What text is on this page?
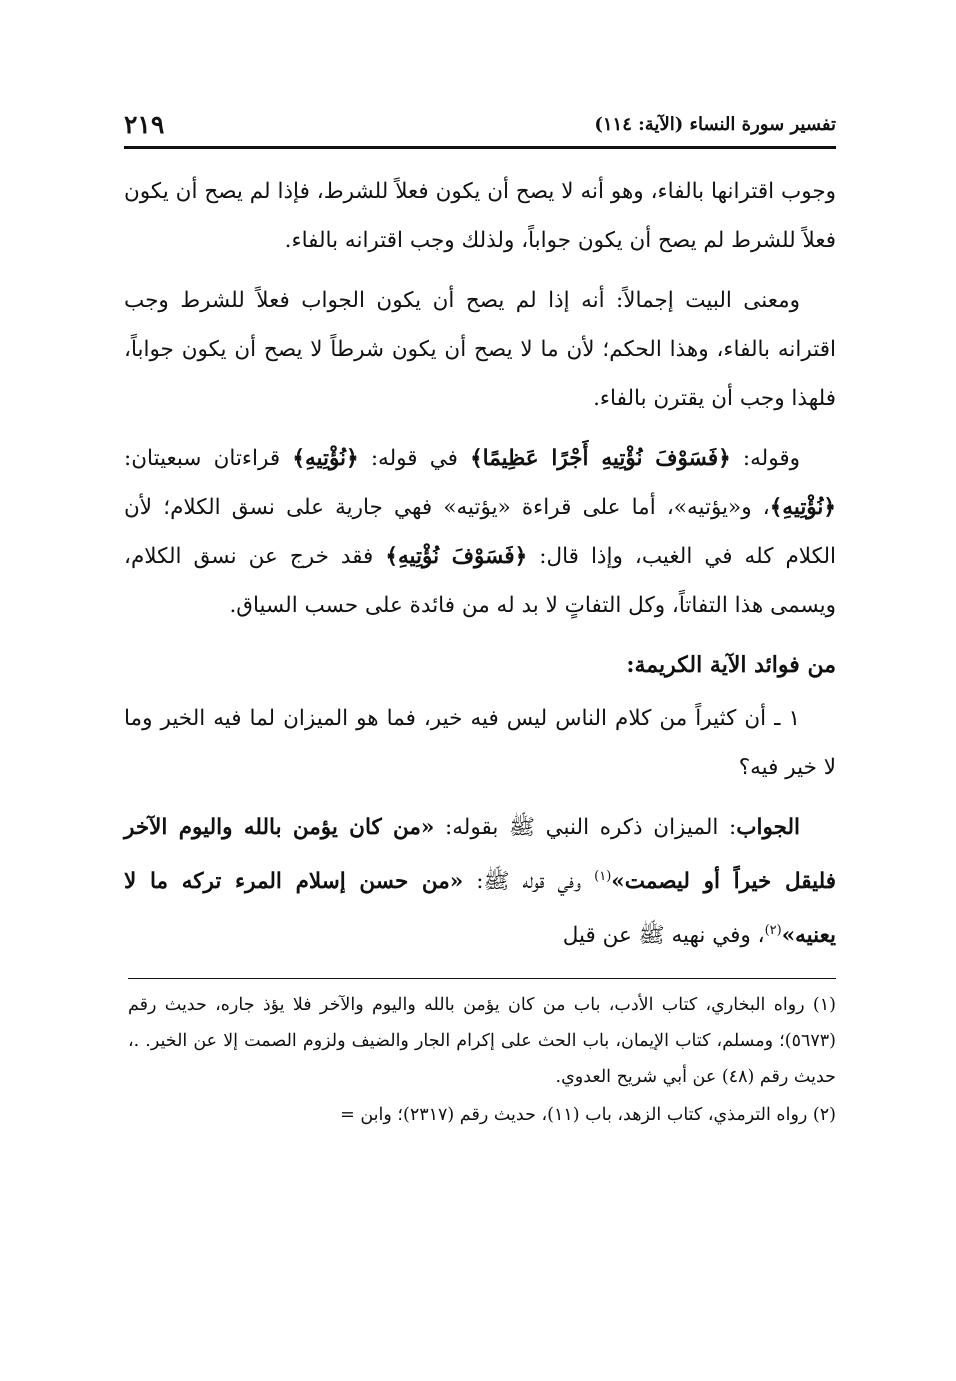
٢١٩	تفسير سورة النساء (الآية: ١١٤)

وجوب اقترانها بالفاء، وهو أنه لا يصح أن يكون فعلاً للشرط، فإذا لم يصح أن يكون فعلاً للشرط لم يصح أن يكون جواباً، ولذلك وجب اقترانه بالفاء.

ومعنى البيت إجمالاً: أنه إذا لم يصح أن يكون الجواب فعلاً للشرط وجب اقترانه بالفاء، وهذا الحكم؛ لأن ما لا يصح أن يكون شرطاً لا يصح أن يكون جواباً، فلهذا وجب أن يقترن بالفاء.

وقوله: ﴿فَسَوْفَ نُؤْتِيهِ أَجْرًا عَظِيمًا﴾ في قوله: ﴿نُؤْتِيهِ﴾ قراءتان سبعيتان: ﴿نُؤْتِيهِ﴾، و«يؤتيه»، أما على قراءة «يؤتيه» فهي جارية على نسق الكلام؛ لأن الكلام كله في الغيب، وإذا قال: ﴿فَسَوْفَ نُؤْتِيهِ﴾ فقد خرج عن نسق الكلام، ويسمى هذا التفاتاً، وكل التفاتٍ لا بد له من فائدة على حسب السياق.

من فوائد الآية الكريمة:

١ ـ أن كثيراً من كلام الناس ليس فيه خير، فما هو الميزان لما فيه الخير وما لا خير فيه؟

الجواب: الميزان ذكره النبي ﷺ بقوله: «من كان يؤمن بالله واليوم الآخر فليقل خيراً أو ليصمت»$^{(١)}$ وفي قوله ﷺ: «من حسن إسلام المرء تركه ما لا يعنيه»$^{(٢)}$، وفي نهيه ﷺ عن قيل

(١) رواه البخاري، كتاب الأدب، باب من كان يؤمن بالله واليوم والآخر فلا يؤذ جاره، حديث رقم (٥٦٧٣)؛ ومسلم، كتاب الإيمان، باب الحث على إكرام الجار والضيف ولزوم الصمت إلا عن الخير. .، حديث رقم (٤٨) عن أبي شريح العدوي.

(٢) رواه الترمذي، كتاب الزهد، باب (١١)، حديث رقم (٢٣١٧)؛ وابن =
